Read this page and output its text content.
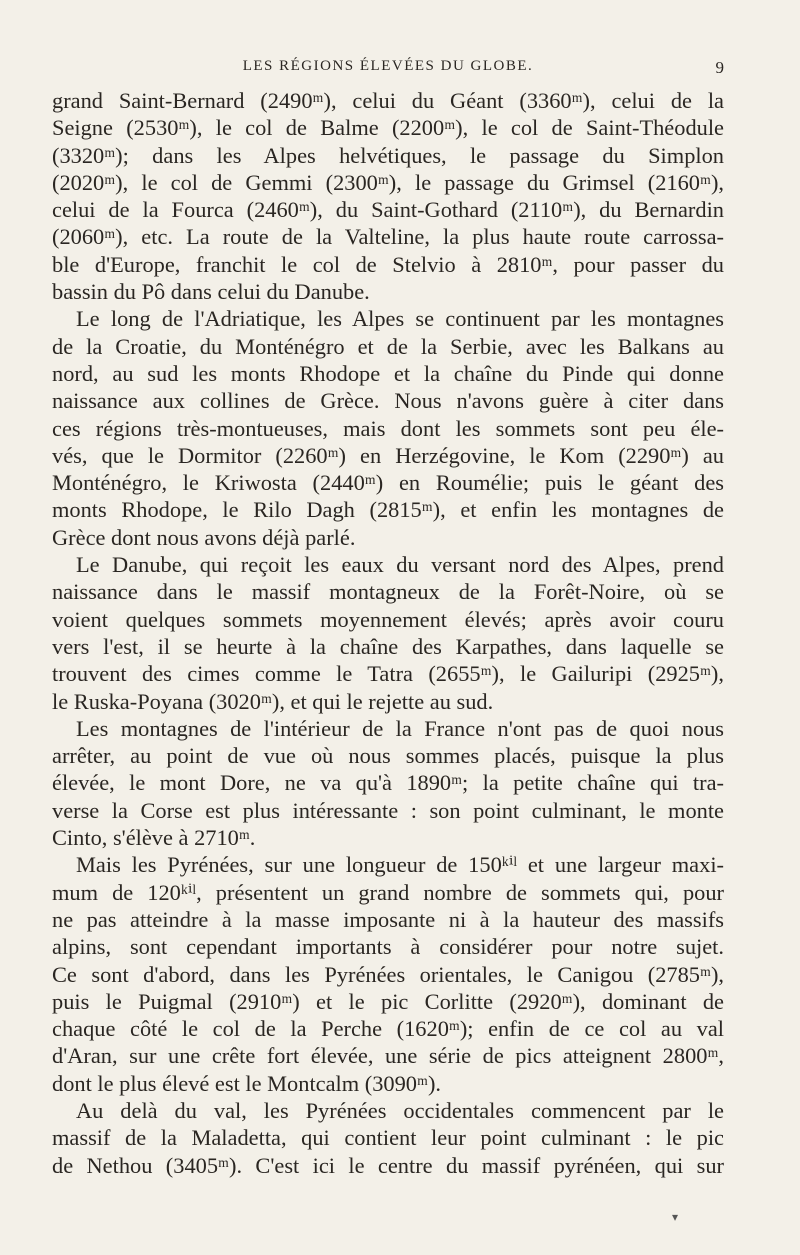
LES RÉGIONS ÉLEVÉES DU GLOBE.	9
grand Saint-Bernard (2490ᵐ), celui du Géant (3360ᵐ), celui de la
Seigne (2530ᵐ), le col de Balme (2200ᵐ), le col de Saint-Théodule
(3320ᵐ); dans les Alpes helvétiques, le passage du Simplon
(2020ᵐ), le col de Gemmi (2300ᵐ), le passage du Grimsel (2160ᵐ),
celui de la Fourca (2460ᵐ), du Saint-Gothard (2110ᵐ), du Bernardin
(2060ᵐ), etc. La route de la Valteline, la plus haute route carrossa-
ble d'Europe, franchit le col de Stelvio à 2810ᵐ, pour passer du
bassin du Pô dans celui du Danube.
Le long de l'Adriatique, les Alpes se continuent par les montagnes
de la Croatie, du Monténégro et de la Serbie, avec les Balkans au
nord, au sud les monts Rhodope et la chaîne du Pinde qui donne
naissance aux collines de Grèce. Nous n'avons guère à citer dans
ces régions très-montueuses, mais dont les sommets sont peu éle-
vés, que le Dormitor (2260ᵐ) en Herzégovine, le Kom (2290ᵐ) au
Monténégro, le Kriwosta (2440ᵐ) en Roumélie; puis le géant des
monts Rhodope, le Rilo Dagh (2815ᵐ), et enfin les montagnes de
Grèce dont nous avons déjà parlé.
Le Danube, qui reçoit les eaux du versant nord des Alpes, prend
naissance dans le massif montagneux de la Forêt-Noire, où se
voient quelques sommets moyennement élevés; après avoir couru
vers l'est, il se heurte à la chaîne des Karpathes, dans laquelle se
trouvent des cimes comme le Tatra (2655ᵐ), le Gailuripi (2925ᵐ),
le Ruska-Poyana (3020ᵐ), et qui le rejette au sud.
Les montagnes de l'intérieur de la France n'ont pas de quoi nous
arrêter, au point de vue où nous sommes placés, puisque la plus
élevée, le mont Dore, ne va qu'à 1890ᵐ; la petite chaîne qui tra-
verse la Corse est plus intéressante : son point culminant, le monte
Cinto, s'élève à 2710ᵐ.
Mais les Pyrénées, sur une longueur de 150ᵏⁱˡ et une largeur maxi-
mum de 120ᵏⁱˡ, présentent un grand nombre de sommets qui, pour
ne pas atteindre à la masse imposante ni à la hauteur des massifs
alpins, sont cependant importants à considérer pour notre sujet.
Ce sont d'abord, dans les Pyrénées orientales, le Canigou (2785ᵐ),
puis le Puigmal (2910ᵐ) et le pic Corlitte (2920ᵐ), dominant de
chaque côté le col de la Perche (1620ᵐ); enfin de ce col au val
d'Aran, sur une crête fort élevée, une série de pics atteignent 2800ᵐ,
dont le plus élevé est le Montcalm (3090ᵐ).
Au delà du val, les Pyrénées occidentales commencent par le
massif de la Maladetta, qui contient leur point culminant : le pic
de Nethou (3405ᵐ). C'est ici le centre du massif pyrénéen, qui sur
▾
